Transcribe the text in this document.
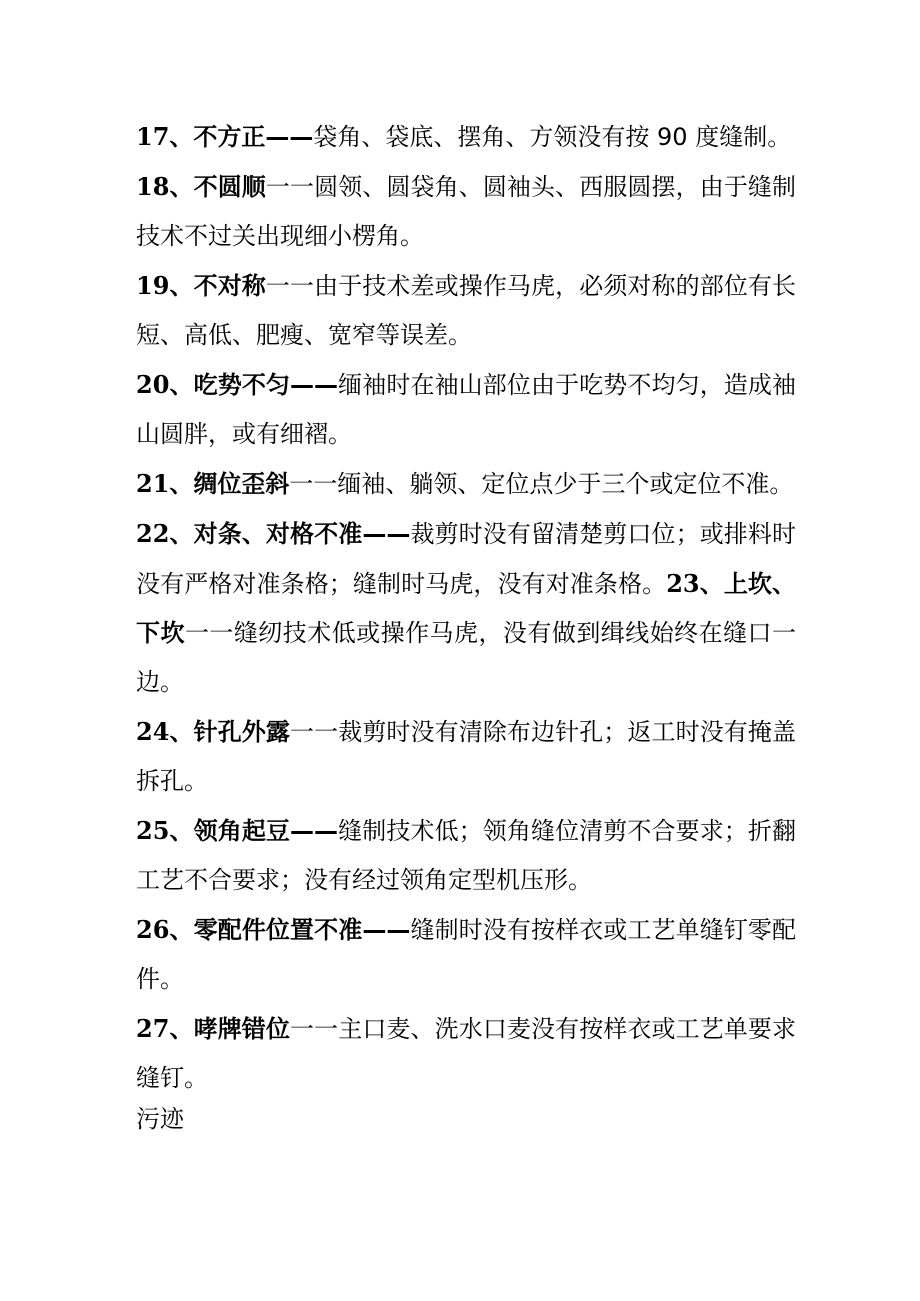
17、不方正——袋角、袋底、摆角、方领没有按 90 度缝制。

18、不圆顺一一圆领、圆袋角、圆袖头、西服圆摆，由于缝制技术不过关出现细小楞角。

19、不对称一一由于技术差或操作马虎，必须对称的部位有长短、高低、肥瘦、宽窄等误差。

20、吃势不匀——缅袖时在袖山部位由于吃势不均匀，造成袖山圆胖，或有细褶。

21、绸位歪斜一一缅袖、躺领、定位点少于三个或定位不准。

22、对条、对格不准——裁剪时没有留清楚剪口位；或排料时没有严格对准条格；缝制时马虎，没有对准条格。23、上坎、下坎一一缝纫技术低或操作马虎，没有做到缉线始终在缝口一边。

24、针孔外露一一裁剪时没有清除布边针孔；返工时没有掩盖拆孔。

25、领角起豆——缝制技术低；领角缝位清剪不合要求；折翻工艺不合要求；没有经过领角定型机压形。

26、零配件位置不准——缝制时没有按样衣或工艺单缝钉零配件。

27、哮牌错位一一主口麦、洗水口麦没有按样衣或工艺单要求缝钉。

污迹
